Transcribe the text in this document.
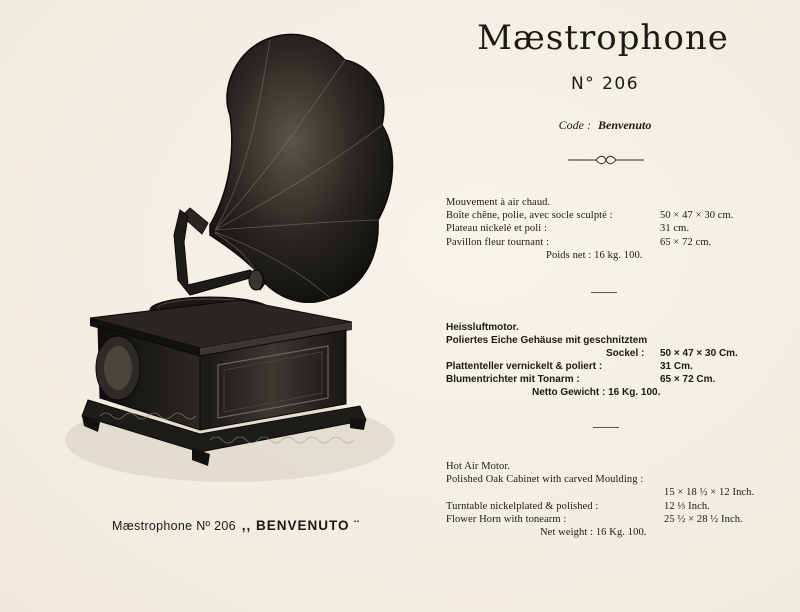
Mæstrophone Nº 206 ,, BENVENUTO ¨
Mæstrophone
N° 206
Code : Benvenuto
Mouvement à air chaud.
Boîte chêne, polie, avec socle sculpté :	50 × 47 × 30 cm.
Plateau nickelé et poli :	31 cm.
Pavillon fleur tournant :	65 × 72 cm.
Poids net : 16 kg. 100.
Heissluftmotor.
Poliertes Eiche Gehäuse mit geschnitztem
Sockel : 50 × 47 × 30 Cm.
Plattenteller vernickelt & poliert :	31 Cm.
Blumentrichter mit Tonarm :	65 × 72 Cm.
Netto Gewicht : 16 Kg. 100.
Hot Air Motor.
Polished Oak Cabinet with carved Moulding :
15 × 18 ½ × 12 Inch.
Turntable nickelplated & polished :	12 ⅓ Inch.
Flower Horn with tonearm :	25 ½ × 28 ½ Inch.
Net weight : 16 Kg. 100.
